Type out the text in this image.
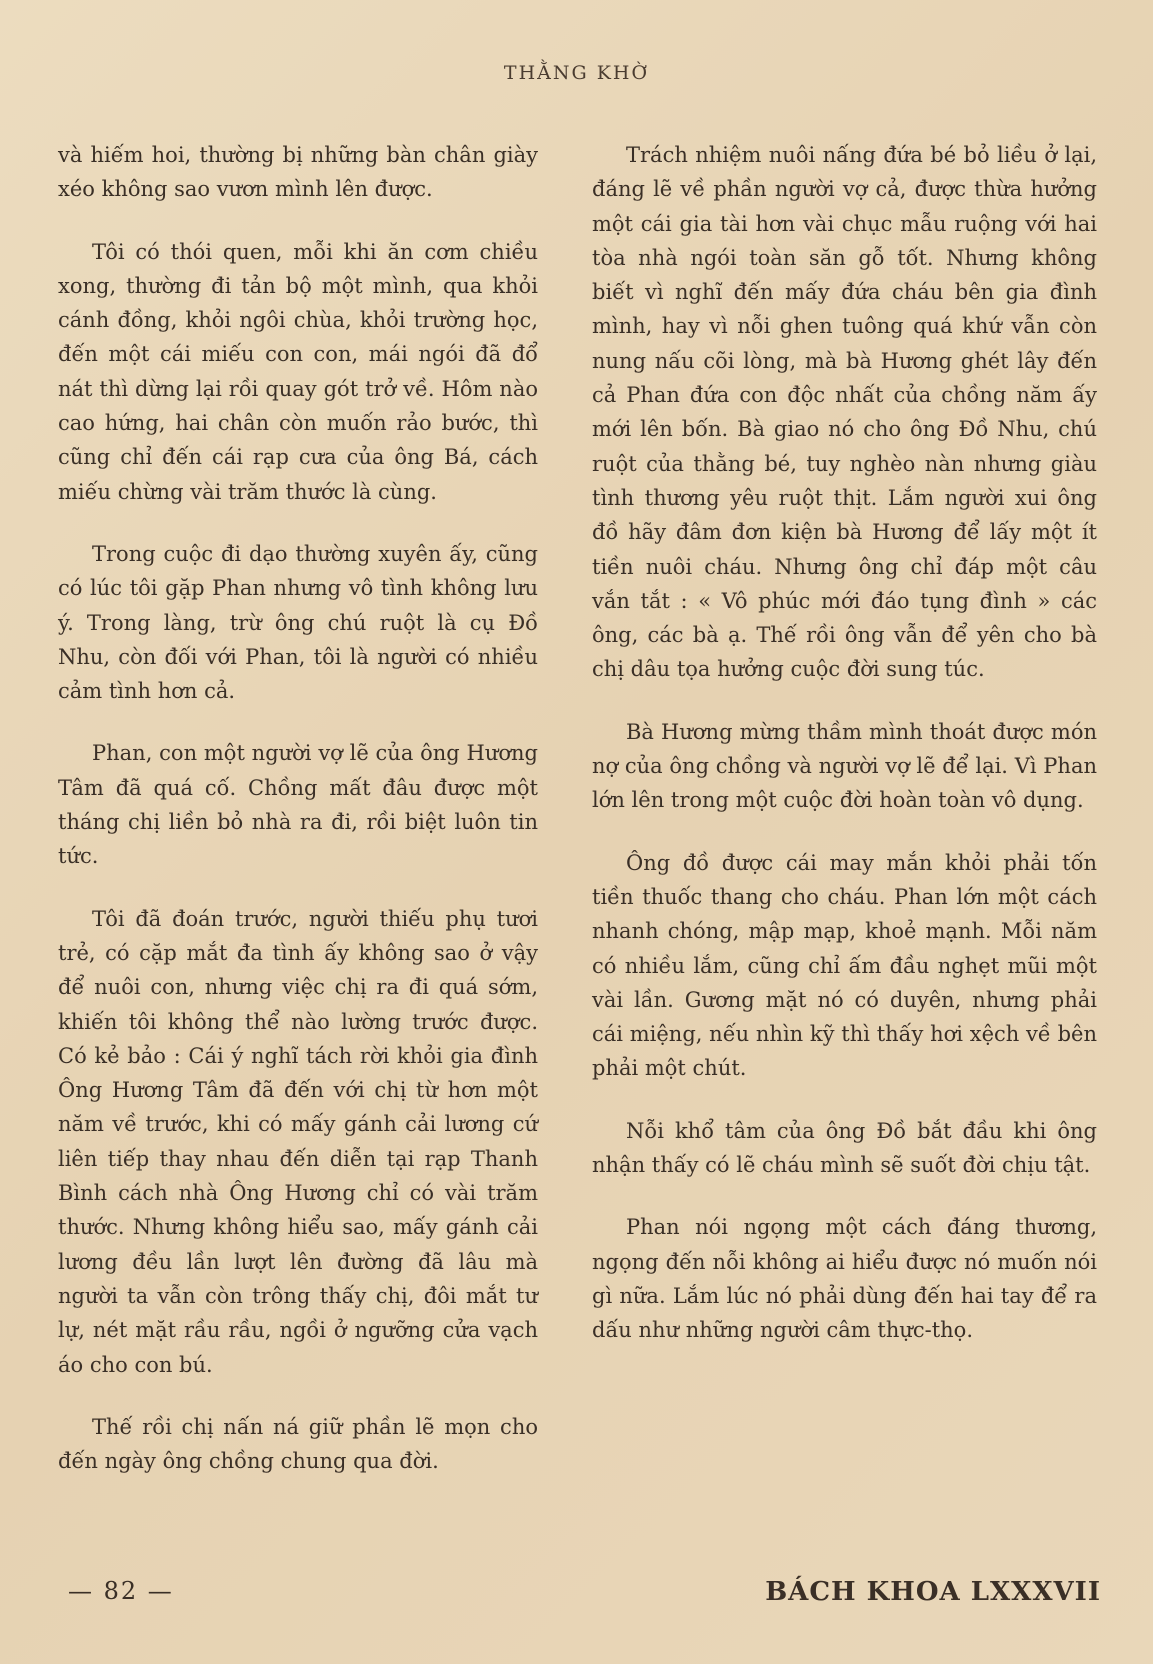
THẰNG KHỜ

và hiếm hoi, thường bị những bàn chân giày xéo không sao vươn mình lên được.

Tôi có thói quen, mỗi khi ăn cơm chiều xong, thường đi tản bộ một mình, qua khỏi cánh đồng, khỏi ngôi chùa, khỏi trường học, đến một cái miếu con con, mái ngói đã đổ nát thì dừng lại rồi quay gót trở về. Hôm nào cao hứng, hai chân còn muốn rảo bước, thì cũng chỉ đến cái rạp cưa của ông Bá, cách miếu chừng vài trăm thước là cùng.

Trong cuộc đi dạo thường xuyên ấy, cũng có lúc tôi gặp Phan nhưng vô tình không lưu ý. Trong làng, trừ ông chú ruột là cụ Đồ Nhu, còn đối với Phan, tôi là người có nhiều cảm tình hơn cả.

Phan, con một người vợ lẽ của ông Hương Tâm đã quá cố. Chồng mất đâu được một tháng chị liền bỏ nhà ra đi, rồi biệt luôn tin tức.

Tôi đã đoán trước, người thiếu phụ tươi trẻ, có cặp mắt đa tình ấy không sao ở vậy để nuôi con, nhưng việc chị ra đi quá sớm, khiến tôi không thể nào lường trước được. Có kẻ bảo : Cái ý nghĩ tách rời khỏi gia đình Ông Hương Tâm đã đến với chị từ hơn một năm về trước, khi có mấy gánh cải lương cứ liên tiếp thay nhau đến diễn tại rạp Thanh Bình cách nhà Ông Hương chỉ có vài trăm thước. Nhưng không hiểu sao, mấy gánh cải lương đều lần lượt lên đường đã lâu mà người ta vẫn còn trông thấy chị, đôi mắt tư lự, nét mặt rầu rầu, ngồi ở ngưỡng cửa vạch áo cho con bú.

Thế rồi chị nấn ná giữ phần lẽ mọn cho đến ngày ông chồng chung qua đời.

Trách nhiệm nuôi nấng đứa bé bỏ liều ở lại, đáng lẽ về phần người vợ cả, được thừa hưởng một cái gia tài hơn vài chục mẫu ruộng với hai tòa nhà ngói toàn săn gỗ tốt. Nhưng không biết vì nghĩ đến mấy đứa cháu bên gia đình mình, hay vì nỗi ghen tuông quá khứ vẫn còn nung nấu cõi lòng, mà bà Hương ghét lây đến cả Phan đứa con độc nhất của chồng năm ấy mới lên bốn. Bà giao nó cho ông Đồ Nhu, chú ruột của thằng bé, tuy nghèo nàn nhưng giàu tình thương yêu ruột thịt. Lắm người xui ông đồ hãy đâm đơn kiện bà Hương để lấy một ít tiền nuôi cháu. Nhưng ông chỉ đáp một câu vắn tắt : « Vô phúc mới đáo tụng đình » các ông, các bà ạ. Thế rồi ông vẫn để yên cho bà chị dâu tọa hưởng cuộc đời sung túc.

Bà Hương mừng thầm mình thoát được món nợ của ông chồng và người vợ lẽ để lại. Vì Phan lớn lên trong một cuộc đời hoàn toàn vô dụng.

Ông đồ được cái may mắn khỏi phải tốn tiền thuốc thang cho cháu. Phan lớn một cách nhanh chóng, mập mạp, khoẻ mạnh. Mỗi năm có nhiều lắm, cũng chỉ ấm đầu nghẹt mũi một vài lần. Gương mặt nó có duyên, nhưng phải cái miệng, nếu nhìn kỹ thì thấy hơi xệch về bên phải một chút.

Nỗi khổ tâm của ông Đồ bắt đầu khi ông nhận thấy có lẽ cháu mình sẽ suốt đời chịu tật.

Phan nói ngọng một cách đáng thương, ngọng đến nỗi không ai hiểu được nó muốn nói gì nữa. Lắm lúc nó phải dùng đến hai tay để ra dấu như những người câm thực-thọ.

— 82 —	BÁCH KHOA LXXXVII
